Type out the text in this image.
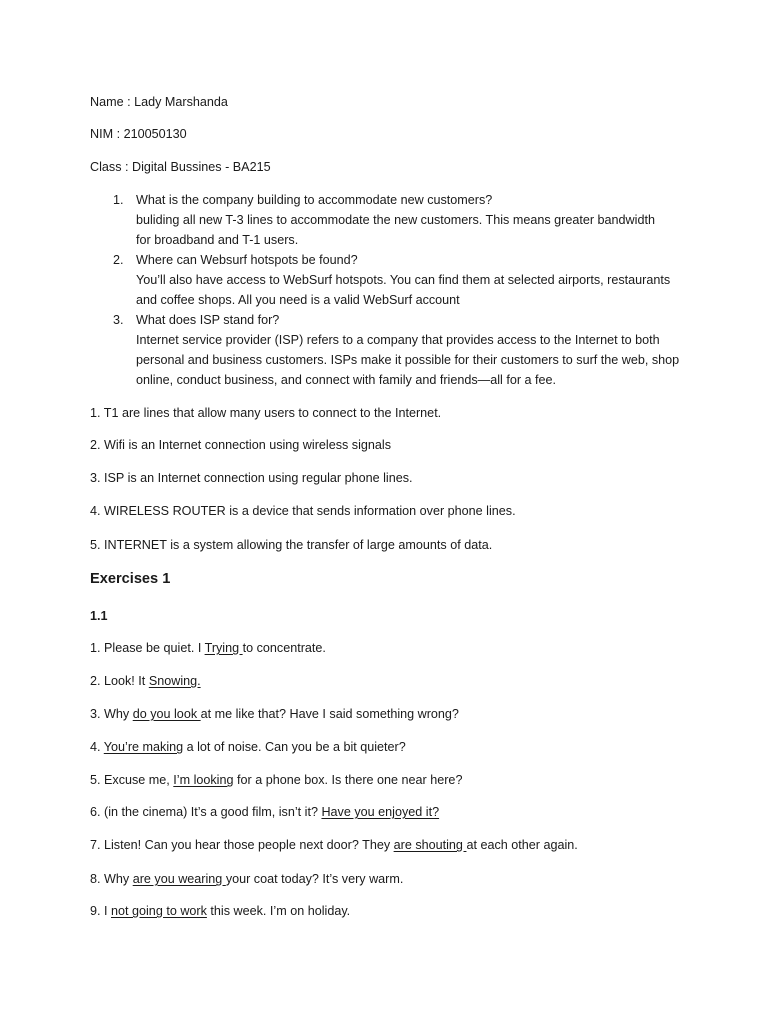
Name : Lady Marshanda
NIM : 210050130
Class : Digital Bussines - BA215
1. What is the company building to accommodate new customers?
buliding all new T-3 lines to accommodate the new customers. This means greater bandwidth
for broadband and T-1 users.
2. Where can Websurf hotspots be found?
You’ll also have access to WebSurf hotspots. You can find them at selected airports, restaurants
and coffee shops. All you need is a valid WebSurf account
3. What does ISP stand for?
Internet service provider (ISP) refers to a company that provides access to the Internet to both
personal and business customers. ISPs make it possible for their customers to surf the web, shop
online, conduct business, and connect with family and friends—all for a fee.
1. T1 are lines that allow many users to connect to the Internet.
2. Wifi is an Internet connection using wireless signals
3. ISP is an Internet connection using regular phone lines.
4. WIRELESS ROUTER is a device that sends information over phone lines.
5. INTERNET is a system allowing the transfer of large amounts of data.
Exercises 1
1.1
1. Please be quiet. I Trying to concentrate.
2. Look! It Snowing.
3. Why do you look at me like that? Have I said something wrong?
4. You’re making a lot of noise. Can you be a bit quieter?
5. Excuse me, I’m looking for a phone box. Is there one near here?
6. (in the cinema) It’s a good film, isn’t it? Have you enjoyed it?
7. Listen! Can you hear those people next door? They are shouting at each other again.
8. Why are you wearing your coat today? It’s very warm.
9. I not going to work this week. I’m on holiday.
